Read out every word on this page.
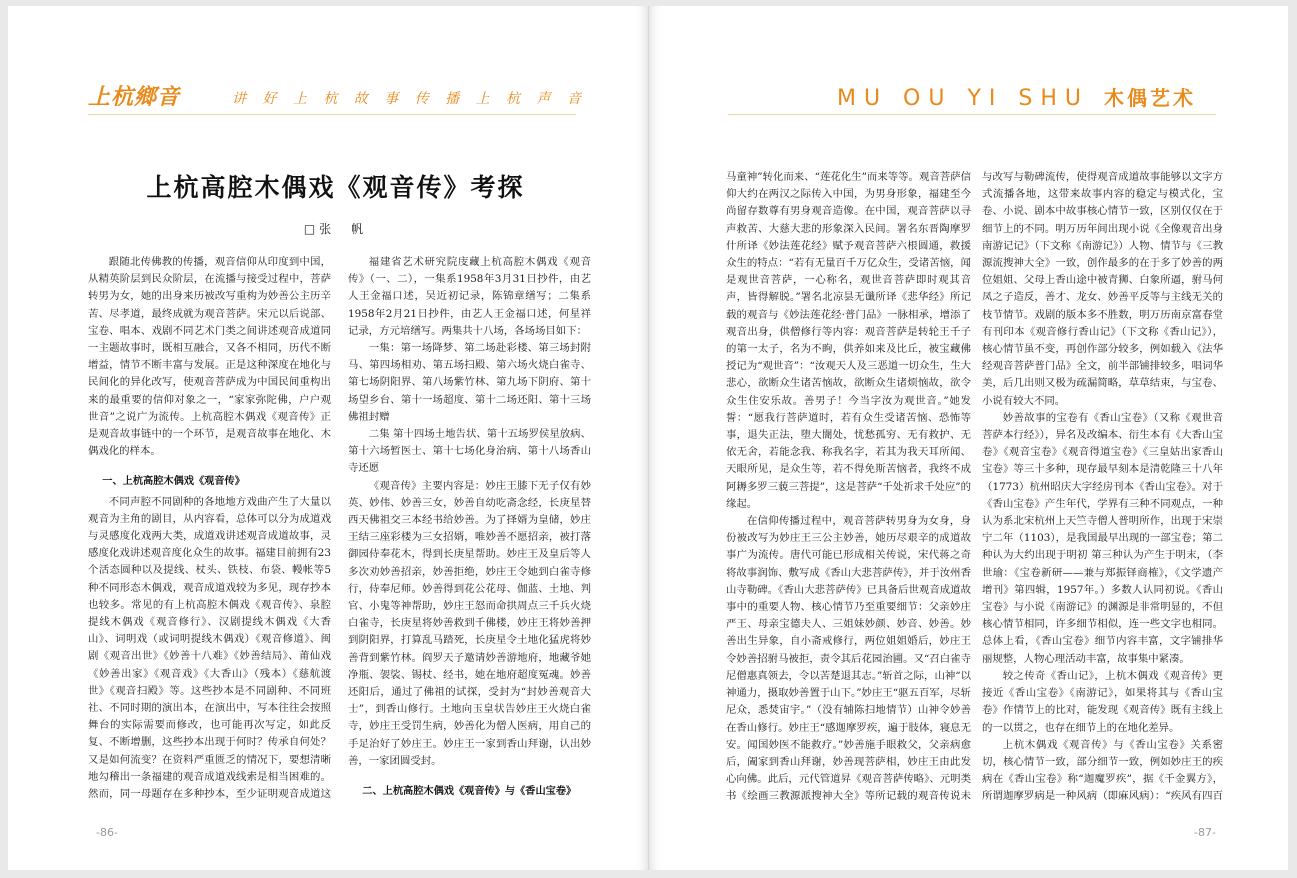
上杭鄉音	讲 好 上 杭 故 事 传 播 上 杭 声 音
上杭高腔木偶戏《观音传》考探
□张　帆

跟随北传佛教的传播，观音信仰从印度到中国，从精英阶层到民众阶层，在流播与接受过程中，菩萨转男为女，她的出身来历被改写重构为妙善公主历辛苦、尽孝道，最终成就为观音菩萨。宋元以后说部、宝卷、唱本、戏剧不同艺术门类之间讲述观音成道同一主题故事时，既相互融合，又各不相同，历代不断增益，情节不断丰富与发展。正是这种深度在地化与民间化的异化改写，使观音菩萨成为中国民间重构出来的最重要的信仰对象之一，“家家弥陀佛，户户观世音”之说广为流传。上杭高腔木偶戏《观音传》正是观音故事链中的一个环节，是观音故事在地化、木偶戏化的样本。

一、上杭高腔木偶戏《观音传》

不同声腔不同剧种的各地地方戏曲产生了大量以观音为主角的剧目，从内容看，总体可以分为成道戏与灵感度化戏两大类，成道戏讲述观音成道故事，灵感度化戏讲述观音度化众生的故事。福建目前拥有23个活态圆种以及提线、杖头、铁枝、布袋、幔帐等5种不同形态木偶戏，观音成道戏较为多见，现存抄本也较多。常见的有上杭高腔木偶戏《观音传》、泉腔提线木偶戏《观音修行》、汉剧提线木偶戏《大香山》、词明戏（或词明提线木偶戏）《观音修道》、闽剧《观音出世》《妙善十八难》《妙善结局》、莆仙戏《妙善出家》《观音戏》《大香山》（残本）《慈航渡世》《观音扫殿》等。这些抄本是不同剧种、不同班社、不同时期的演出本，在演出中，写本往往会按照舞台的实际需要而修改，也可能再次写定，如此反复、不断增删，这些抄本出现于何时？传承自何处？又是如何流变？在资料严重匮乏的情况下，要想清晰地勾稽出一条福建的观音成道戏线索是相当困难的。然而，同一母题存在多种抄本，至少证明观音成道这

福建省艺术研究院庋藏上杭高腔木偶戏《观音传》（一、二），一集系1958年3月31日抄件，由艺人王金福口述，吴近初记录，陈锦章缮写；二集系1958年2月21日抄件，由艺人王金福口述，何星祥记录，方元培缮写。两集共十八场，各场场目如下：

一集：第一场降梦、第二场赴彩楼、第三场封附马、第四场相劝、第五场扫殿、第六场火烧白雀寺、第七场阴阳界、第八场紫竹林、第九场下阴府、第十场望乡台、第十一场超度、第十二场还阳、第十三场佛祖封赠

二集 第十四场土地告状、第十五场罗侯星放病、第十六场暂医士、第十七场化身治病、第十八场香山寺还愿

《观音传》主要内容是：妙庄王膝下无子仅有妙英、妙伟、妙善三女，妙善自幼吃斋念经，长庚星替西天佛祖交三本经书给妙善。为了择婿为皇储，妙庄王结三座彩楼为三女招婿，唯妙善不愿招亲，被打落御园侍奉花木，得到长庚星帮助。妙庄王及皇后等人多次劝妙善招亲，妙善拒绝，妙庄王令她到白雀寺修行，侍奉尼师。妙善得到花公花母、伽蓝、土地、判官、小鬼等神帮助，妙庄王怒而命拱周点三千兵火烧白雀寺，长庚星将妙善救到千佛楼，妙庄王将妙善押到阴阳界，打算乱马踏死，长庚星令土地化猛虎将妙善背到紫竹林。阎罗天子邀请妙善游地府，地藏爷她净瓶、袈裟、锡杖、经书，她在地府超度冤魂。妙善还阳后，通过了佛祖的试探，受封为“封妙善观音大士”，到香山修行。土地向玉皇状告妙庄王火烧白雀寺，妙庄王受罚生病，妙善化为僧人医病，用自己的手足治好了妙庄王。妙庄王一家到香山拜谢，认出妙善，一家团圆受封。

二、上杭高腔木偶戏《观音传》与《香山宝卷》

-86-
MU OU YI SHU 木偶艺术

马童神”转化而来、“莲花化生”而来等等。观音菩萨信仰大约在两汉之际传入中国，为男身形象，福建至今尚留存数尊有男身观音造像。在中国，观音菩萨以寻声救苦、大慈大悲的形象深入民间。署名东晋陶摩罗什所译《妙法莲花经》赋予观音菩萨六根圆通，救援众生的特点：“若有无量百千万亿众生，受诸苦恼，闻是观世音菩萨，一心称名，观世音菩萨即时观其音声，皆得解脱。”署名北凉昙无谶所译《悲华经》所记载的观音与《妙法莲花经·普门品》一脉相承，增添了观音出身，供僧修行等内容：观音菩萨是转轮王千子的第一太子，名为不眴，供养如来及比丘，被宝藏佛授记为“观世音”：“汝观天人及三恶道一切众生，生大悲心，欲断众生诸苦恼故，欲断众生诸烦恼故，欲令众生住安乐故。善男子！今当字汝为观世音。”她发誓：“愿我行菩萨道时，若有众生受诸苦恼、恐怖等事，退失正法，堕大闇处，忧愁孤穷、无有救护、无依无舍，若能念我、称我名字，若其为我天耳所闻、天眼所见，是众生等，若不得免斯苦恼者，我终不成阿耨多罗三藐三菩提”，这是菩萨“千处祈求千处应”的缘起。

在信仰传播过程中，观音菩萨转男身为女身，身份被改写为妙庄王三公主妙善，她历尽艰辛的成道故事广为流传。唐代可能已形成相关传说，宋代蒋之奇将故事润饰、敷写成《香山大悲菩萨传》，并于汝州香山寺勒碑。《香山大悲菩萨传》已具备后世观音成道故事中的重要人物、核心情节乃至重要细节：父亲妙庄严王、母亲宝德夫人、三姐妹妙颜、妙音、妙善。妙善出生异象，自小斋戒修行，两位姐姐婚后，妙庄王令妙善招驸马被拒，责令其后花园治圃。又“召白雀寺尼僧惠真领去，令以苦楚退其志。”斩首之际，山神“以神通力，摄取妙善置于山下。”妙庄王“驱五百军，尽斩尼众，悉焚宙宇。”（没有辅陈扫地情节）山神令妙善在香山修行。妙庄王“感迦摩罗疾，遍于肢体，寝息无安。闻国妙医不能救疗。”妙善施手眼救父，父亲病愈后，阖家到香山拜谢，妙善现菩萨相，妙庄王由此发心向佛。此后，元代管道昇《观音菩萨传略》、元明类书《绘画三教源派搜神大全》等所记载的观音传说未

与改写与勒碑流传，使得观音成道故事能够以文字方式流播各地，这带来故事内容的稳定与模式化，宝卷、小说、剧本中故事核心情节一致，区别仅仅在于细节上的不同。明万历年间出现小说《全像观音出身南游记记》（下文称《南游记》）人物、情节与《三教源流搜神大全》一致，创作最多的在于多了妙善的两位姐姐、父母上香山途中被青狮、白象所逼，驸马何凤之子造反，善才、龙女、妙善平反等与主线无关的枝节情节。戏剧的版本多不胜数，明万历南京富春堂有刊印本《观音修行香山记》（下文称《香山记》），核心情节虽不变，再创作部分较多，例如载入《法华经观音菩萨普门品》全文，前半部铺排较多，唱词华美，后几出则又极为疏漏简略，草草结束，与宝卷、小说有较大不同。

妙善故事的宝卷有《香山宝卷》（又称《观世音菩萨本行经》），异名及改编本、衍生本有《大香山宝卷》《观音宝卷》《观音得道宝卷》《三皇姑出家香山宝卷》等三十多种，现存最早刻本是清乾隆三十八年（1773）杭州昭庆大字经房刊本《香山宝卷》。对于《香山宝卷》产生年代，学界有三种不同观点，一种认为系北宋杭州上天竺寺僧人普明所作，出现于宋崇宁二年（1103），是我国最早出现的一部宝卷；第二种认为大约出现于明初 第三种认为产生于明末，（李世瑜：《宝卷新研——兼与郑振铎商榷》，《文学遗产增刊》第四辑，1957年。）多数人认同初说。《香山宝卷》与小说《南游记》的渊源是非常明显的，不但核心情节相同，许多细节相似，连一些文字也相同。总体上看，《香山宝卷》细节内容丰富，文字铺排华丽规整，人物心理活动丰富，故事集中紧凑。

较之传奇《香山记》，上杭木偶戏《观音传》更接近《香山宝卷》《南游记》，如果将其与《香山宝卷》作情节上的比对，能发现《观音传》既有主线上的一以贯之，也存在细节上的在地化差异。

上杭木偶戏《观音传》与《香山宝卷》关系密切，核心情节一致，部分细节一致，例如妙庄王的疾病在《香山宝卷》称“迦魔罗疾”，据《千金翼方》，所谓迦摩罗病是一种风病（即麻风病）：“疾风有四百

-87-
